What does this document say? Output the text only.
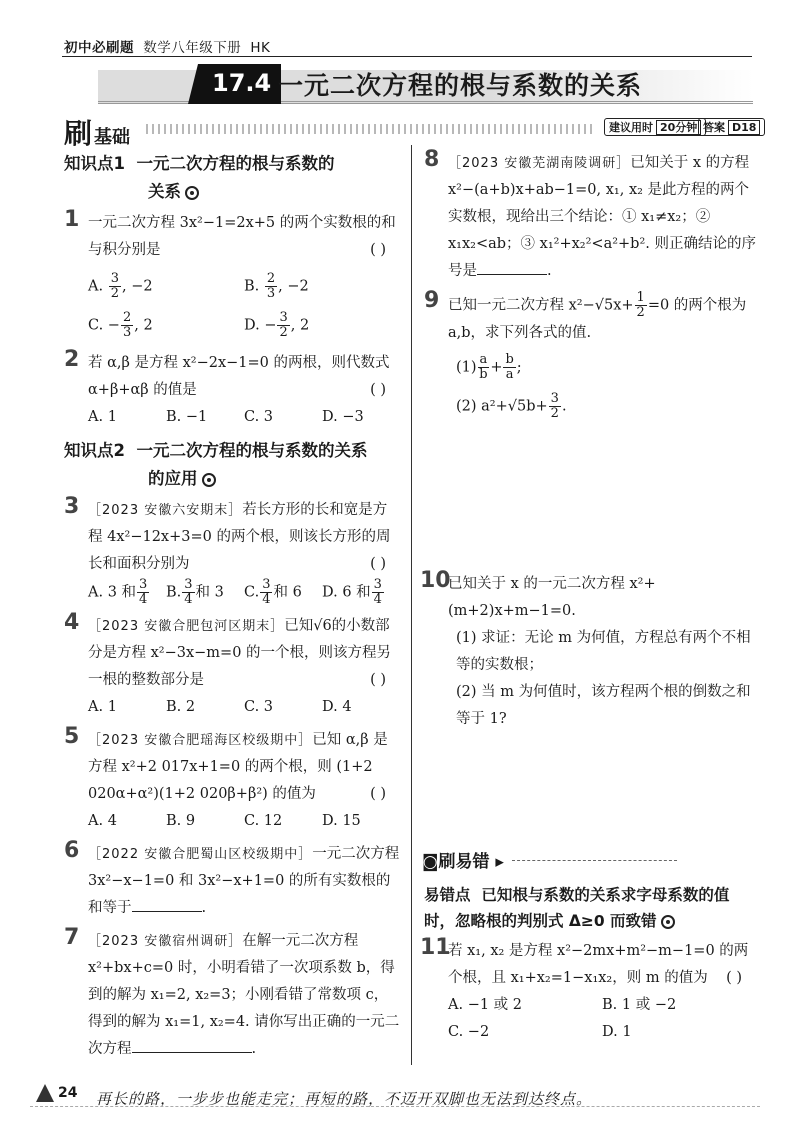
初中必刷题 数学八年级下册 HK
17.4 一元二次方程的根与系数的关系
刷基础	建议用时 20分钟 答案 D18
知识点1 一元二次方程的根与系数的
关系
1 一元二次方程 3x²−1=2x+5 的两个实数根的和与积分别是	( )
A. $\frac{3}{2}$ , −2	B. $\frac{2}{3}$ , −2
C. − $\frac{2}{3}$ , 2	D. − $\frac{3}{2}$ , 2
2 若 α,β 是方程 x²−2x−1=0 的两根，则代数式 α+β+αβ 的值是	( )
A. 1	B. −1	C. 3	D. −3
知识点2 一元二次方程的根与系数的关系
的应用
3 ［2023 安徽六安期末］若长方形的长和宽是方程 4x²−12x+3=0 的两个根，则该长方形的周长和面积分别为	( )
A. 3 和 $\frac{3}{4} B$. $\frac{3}{4}$ 和 3	C. $\frac{3}{4}$ 和 6	D. 6 和 $\frac{3}{4}$
4 ［2023 安徽合肥包河区期末］已知√6的小数部分是方程 x²−3x−m=0 的一个根，则该方程另一根的整数部分是	( )
A. 1	B. 2	C. 3	D. 4
5 ［2023 安徽合肥瑶海区校级期中］已知 α,β 是方程 x²+2 017x+1=0 的两个根，则 (1+2 020α+α²)(1+2 020β+β²) 的值为	( )
A. 4	B. 9	C. 12	D. 15
6 ［2022 安徽合肥蜀山区校级期中］一元二次方程 3x²−x−1=0 和 3x²−x+1=0 的所有实数根的和等于	.
7 ［2023 安徽宿州调研］在解一元二次方程 x²+bx+c=0 时，小明看错了一次项系数 b，得到的解为 x₁=2, x₂=3；小刚看错了常数项 c，得到的解为 x₁=1, x₂=4. 请你写出正确的一元二次方程	.
8 ［2023 安徽芜湖南陵调研］已知关于 x 的方程 x²−(a+b)x+ab−1=0, x₁, x₂ 是此方程的两个实数根，现给出三个结论：① x₁≠x₂；② x₁x₂<ab；③ x₁²+x₂²<a²+b². 则正确结论的序号是	.
9 已知一元二次方程 $x^2-√5x+ \frac{1}{2} =0$ 的两个根为 a,b，求下列各式的值.
$(1) \frac{a}{b} + \frac{b}{a}$ ;
(2) $a^2+√5b+ \frac{3}{2}$ .
10
已知关于 x 的一元二次方程 x²+(m+2)x+m−1=0.
(1) 求证：无论 m 为何值，方程总有两个不相等的实数根；
(2) 当 m 为何值时，该方程两个根的倒数之和等于 1?
◙刷易错 ▸
易错点 已知根与系数的关系求字母系数的值时，忽略根的判别式 Δ≥0 而致错
11
若 x₁, x₂ 是方程 x²−2mx+m²−m−1=0 的两个根，且 x₁+x₂=1−x₁x₂，则 m 的值为 ( )
A. −1 或 2	B. 1 或 −2
C. −2	D. 1
24 再长的路，一步步也能走完；再短的路，不迈开双脚也无法到达终点。
